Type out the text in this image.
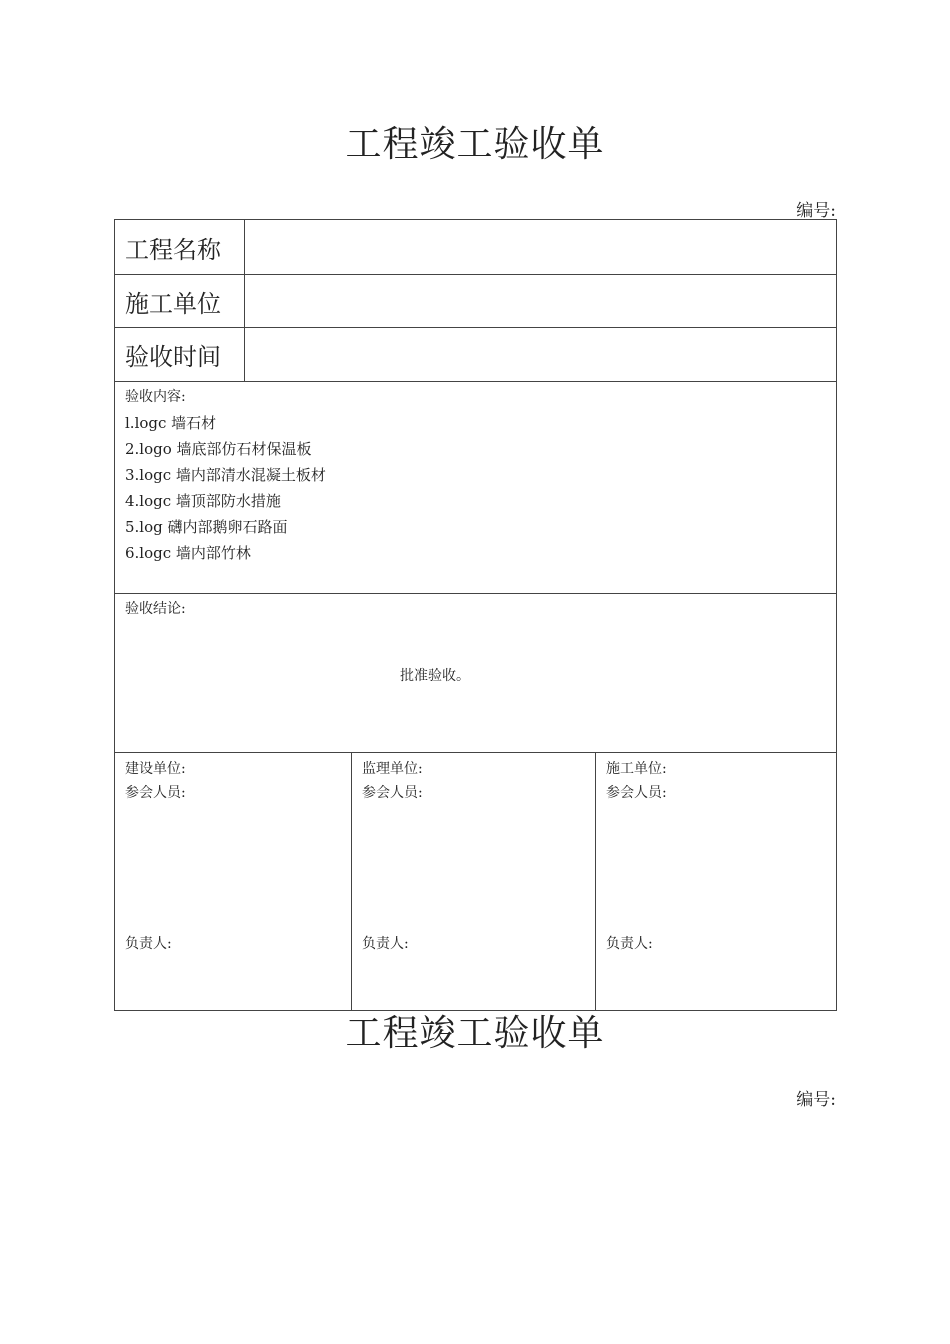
工程竣工验收单
编号:
工程名称
施工单位
验收时间
验收内容:
l.logc 墙石材
2.logo 墙底部仿石材保温板
3.logc 墙内部清水混凝土板材
4.logc 墙顶部防水措施
5.log 礴内部鹅卵石路面
6.logc 墙内部竹林
验收结论:
批准验收。
建设单位:
参会人员:
负责人:
监理单位:
参会人员:
负责人:
施工单位:
参会人员:
负责人:
工程竣工验收单
编号:
